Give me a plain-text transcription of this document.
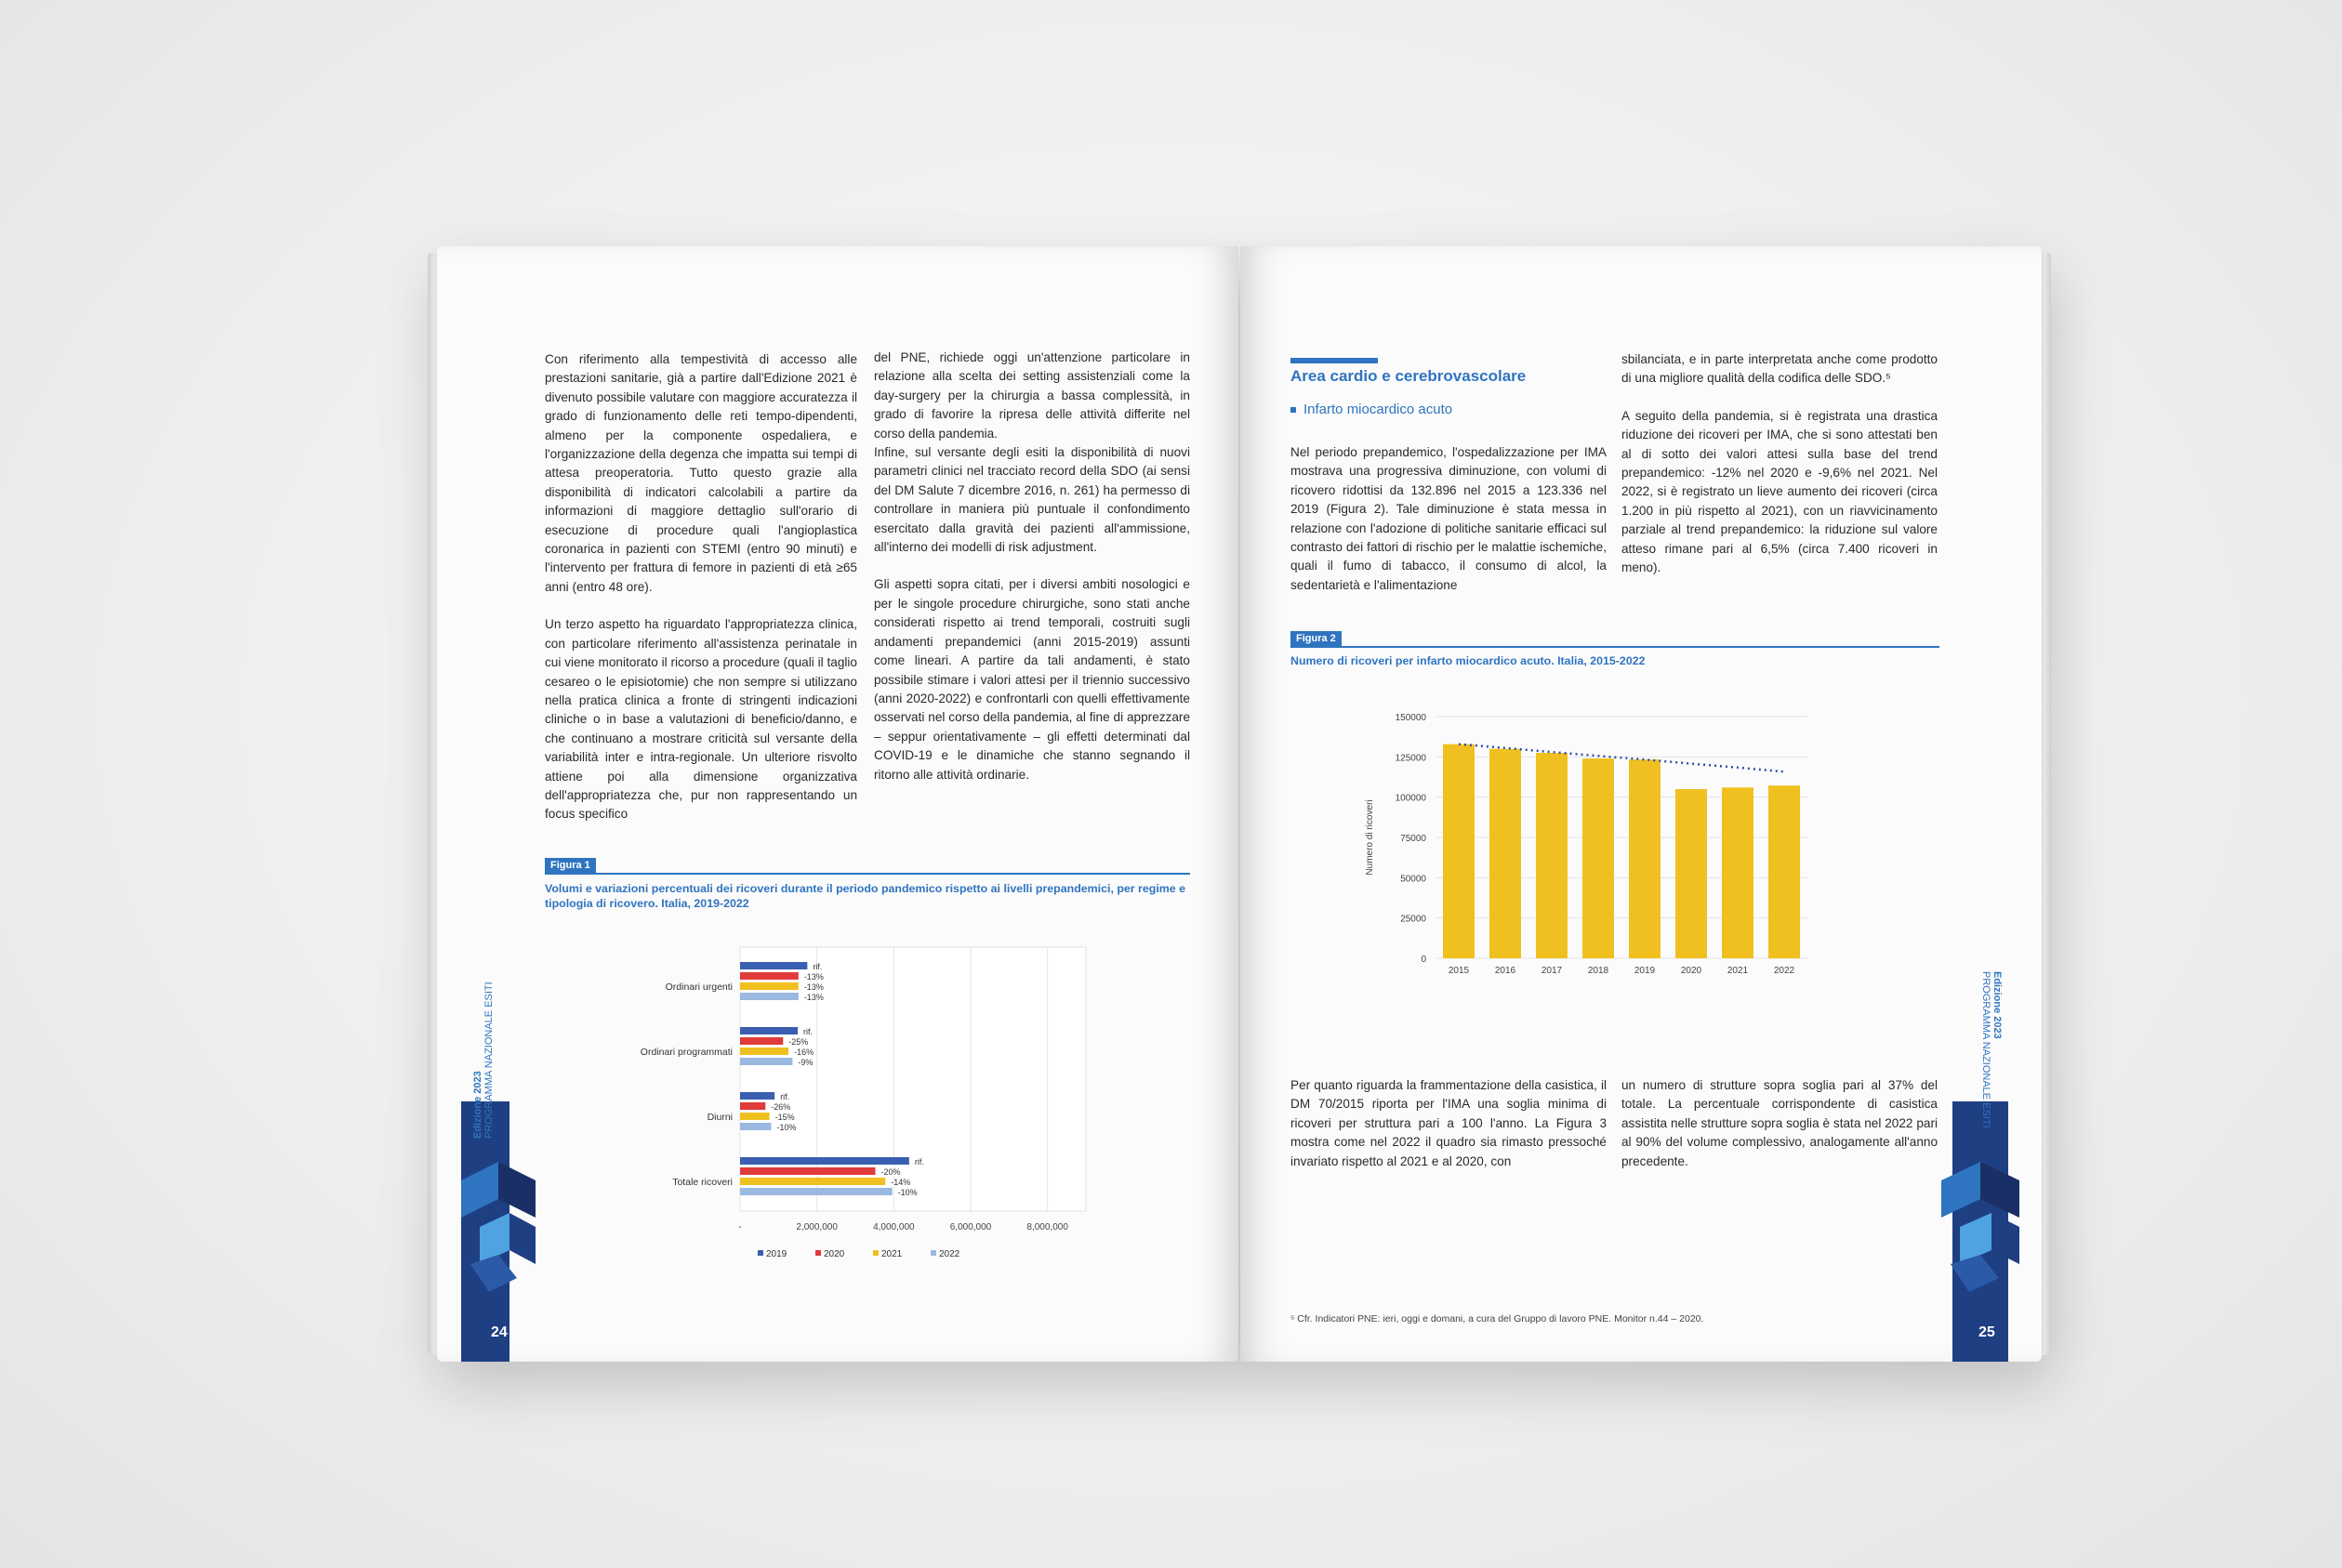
Con riferimento alla tempestività di accesso alle prestazioni sanitarie, già a partire dall'Edizione 2021 è divenuto possibile valutare con maggiore accuratezza il grado di funzionamento delle reti tempo-dipendenti, almeno per la componente ospedaliera, e l'organizzazione della degenza che impatta sui tempi di attesa preoperatoria. Tutto questo grazie alla disponibilità di indicatori calcolabili a partire da informazioni di maggiore dettaglio sull'orario di esecuzione di procedure quali l'angioplastica coronarica in pazienti con STEMI (entro 90 minuti) e l'intervento per frattura di femore in pazienti di età ≥65 anni (entro 48 ore).

Un terzo aspetto ha riguardato l'appropriatezza clinica, con particolare riferimento all'assistenza perinatale in cui viene monitorato il ricorso a procedure (quali il taglio cesareo o le episiotomie) che non sempre si utilizzano nella pratica clinica a fronte di stringenti indicazioni cliniche o in base a valutazioni di beneficio/danno, e che continuano a mostrare criticità sul versante della variabilità inter e intra-regionale. Un ulteriore risvolto attiene poi alla dimensione organizzativa dell'appropriatezza che, pur non rappresentando un focus specifico

del PNE, richiede oggi un'attenzione particolare in relazione alla scelta dei setting assistenziali come la day-surgery per la chirurgia a bassa complessità, in grado di favorire la ripresa delle attività differite nel corso della pandemia.

Infine, sul versante degli esiti la disponibilità di nuovi parametri clinici nel tracciato record della SDO (ai sensi del DM Salute 7 dicembre 2016, n. 261) ha permesso di controllare in maniera più puntuale il confondimento esercitato dalla gravità dei pazienti all'ammissione, all'interno dei modelli di risk adjustment.

Gli aspetti sopra citati, per i diversi ambiti nosologici e per le singole procedure chirurgiche, sono stati anche considerati rispetto ai trend temporali, costruiti sugli andamenti prepandemici (anni 2015-2019) assunti come lineari. A partire da tali andamenti, è stato possibile stimare i valori attesi per il triennio successivo (anni 2020-2022) e confrontarli con quelli effettivamente osservati nel corso della pandemia, al fine di apprezzare – seppur orientativamente – gli effetti determinati dal COVID-19 e le dinamiche che stanno segnando il ritorno alle attività ordinarie.

Figura 1
Volumi e variazioni percentuali dei ricoveri durante il periodo pandemico rispetto ai livelli prepandemici, per regime e tipologia di ricovero. Italia, 2019-2022
-	2,000,000	4,000,000	6,000,000	8,000,000
Ordinari urgenti
rif.
-13%
-13%
-13%
Ordinari programmati
rif.
-25%
-16%
-9%
Diurni
rif.
-26%
-15%
-10%
Totale ricoveri
rif.
-20%
-14%
-10%
2019	2020	2021	2022
Edizione 2023 PROGRAMMA NAZIONALE ESITI
24
Area cardio e cerebrovascolare
Infarto miocardico acuto

Nel periodo prepandemico, l'ospedalizzazione per IMA mostrava una progressiva diminuzione, con volumi di ricovero ridottisi da 132.896 nel 2015 a 123.336 nel 2019 (Figura 2). Tale diminuzione è stata messa in relazione con l'adozione di politiche sanitarie efficaci sul contrasto dei fattori di rischio per le malattie ischemiche, quali il fumo di tabacco, il consumo di alcol, la sedentarietà e l'alimentazione

sbilanciata, e in parte interpretata anche come prodotto di una migliore qualità della codifica delle SDO.⁵

A seguito della pandemia, si è registrata una drastica riduzione dei ricoveri per IMA, che si sono attestati ben al di sotto dei valori attesi sulla base del trend prepandemico: -12% nel 2020 e -9,6% nel 2021. Nel 2022, si è registrato un lieve aumento dei ricoveri (circa 1.200 in più rispetto al 2021), con un riavvicinamento parziale al trend prepandemico: la riduzione sul valore atteso rimane pari al 6,5% (circa 7.400 ricoveri in meno).

Figura 2
Numero di ricoveri per infarto miocardico acuto. Italia, 2015-2022
0
25000
50000
75000
100000
125000
150000
Numero di ricoveri
2015	2016	2017	2018	2019	2020	2021	2022

Per quanto riguarda la frammentazione della casistica, il DM 70/2015 riporta per l'IMA una soglia minima di ricoveri per struttura pari a 100 l'anno. La Figura 3 mostra come nel 2022 il quadro sia rimasto pressoché invariato rispetto al 2021 e al 2020, con

un numero di strutture sopra soglia pari al 37% del totale. La percentuale corrispondente di casistica assistita nelle strutture sopra soglia è stata nel 2022 pari al 90% del volume complessivo, analogamente all'anno precedente.

⁵ Cfr. Indicatori PNE: ieri, oggi e domani, a cura del Gruppo di lavoro PNE. Monitor n.44 – 2020.
Edizione 2023
PROGRAMMA NAZIONALE ESITI
25
